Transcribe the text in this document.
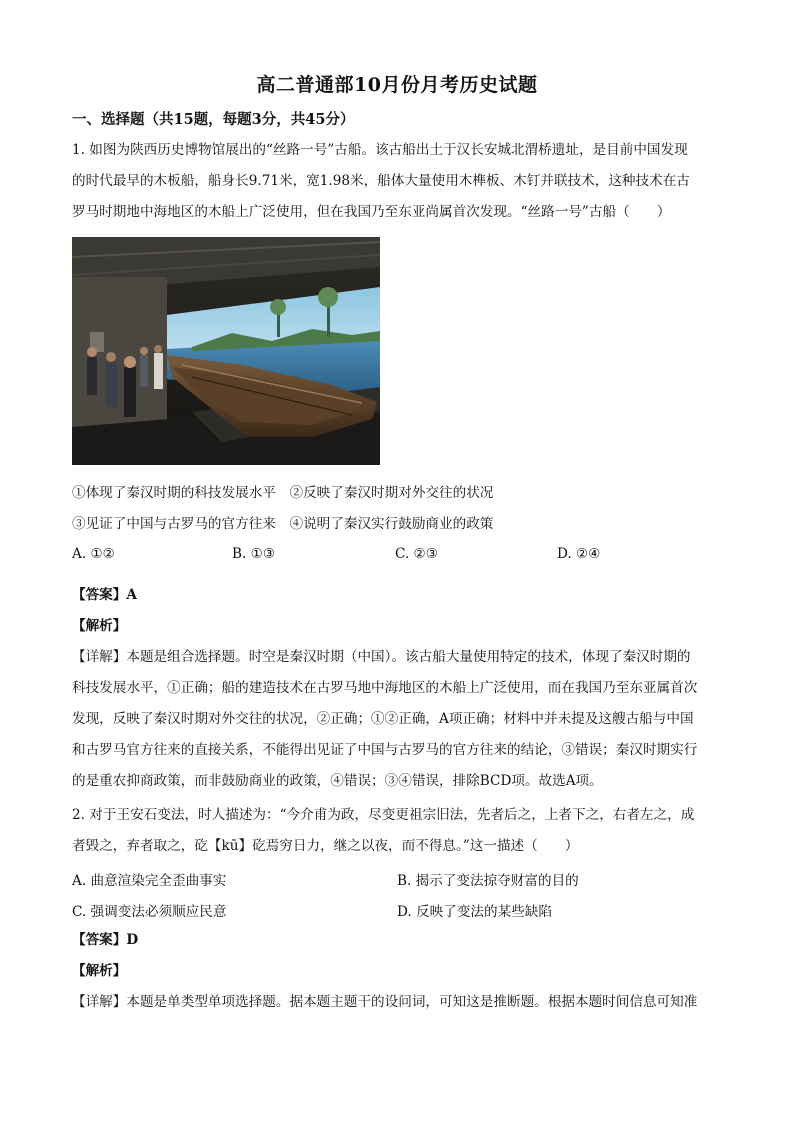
高二普通部10月份月考历史试题
一、选择题（共15题，每题3分，共45分）

1. 如图为陕西历史博物馆展出的“丝路一号”古船。该古船出土于汉长安城北渭桥遗址，是目前中国发现
的时代最早的木板船，船身长9.71米，宽1.98米，船体大量使用木榫板、木钉并联技术，这种技术在古
罗马时期地中海地区的木船上广泛使用，但在我国乃至东亚尚属首次发现。“丝路一号”古船（　　）

①体现了秦汉时期的科技发展水平　②反映了秦汉时期对外交往的状况
③见证了中国与古罗马的官方往来　④说明了秦汉实行鼓励商业的政策

A. ①②	B. ①③	C. ②③	D. ②④

【答案】A
【解析】
【详解】本题是组合选择题。时空是秦汉时期（中国）。该古船大量使用特定的技术，体现了秦汉时期的
科技发展水平，①正确；船的建造技术在古罗马地中海地区的木船上广泛使用，而在我国乃至东亚属首次
发现，反映了秦汉时期对外交往的状况，②正确；①②正确，A项正确；材料中并未提及这艘古船与中国
和古罗马官方往来的直接关系，不能得出见证了中国与古罗马的官方往来的结论，③错误；秦汉时期实行
的是重农抑商政策，而非鼓励商业的政策，④错误；③④错误，排除BCD项。故选A项。

2. 对于王安石变法，时人描述为：“今介甫为政，尽变更祖宗旧法，先者后之，上者下之，右者左之，成
者毁之，弃者取之，矻【kū】矻焉穷日力，继之以夜，而不得息。”这一描述（　　）

A. 曲意渲染完全歪曲事实	B. 揭示了变法掠夺财富的目的
C. 强调变法必须顺应民意	D. 反映了变法的某些缺陷

【答案】D
【解析】
【详解】本题是单类型单项选择题。据本题主题干的设问词，可知这是推断题。根据本题时间信息可知准
